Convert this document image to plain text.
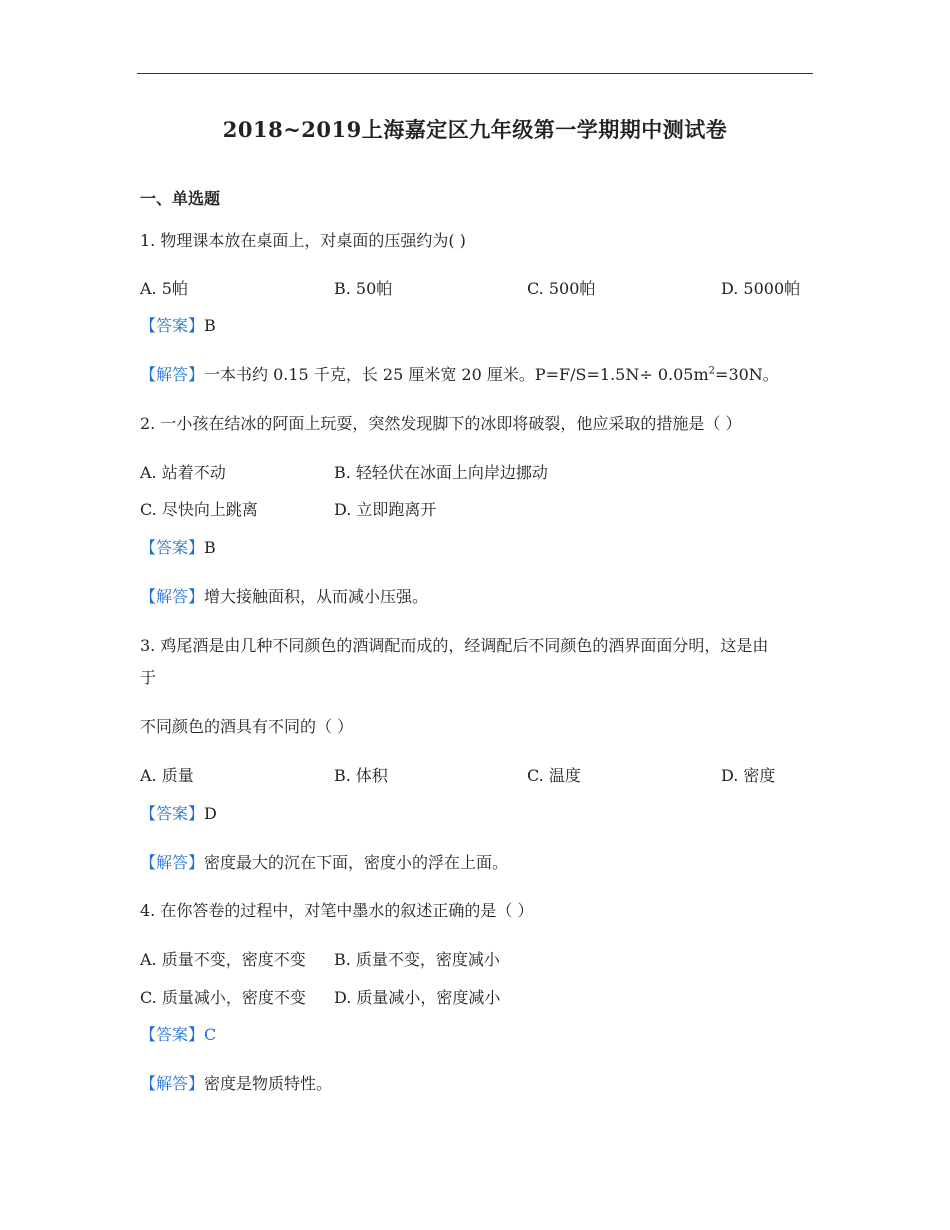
2018~2019上海嘉定区九年级第一学期期中测试卷
一、单选题
1. 物理课本放在桌面上，对桌面的压强约为( )
A. 5帕	B. 50帕	C. 500帕	D. 5000帕
【答案】B
【解答】一本书约 0.15 千克，长 25 厘米宽 20 厘米。$P=F/S=1.5N\div 0.05m^2=30N$。
2. 一小孩在结冰的阿面上玩耍，突然发现脚下的冰即将破裂，他应采取的措施是（ ）
A. 站着不动	B. 轻轻伏在冰面上向岸边挪动
C. 尽快向上跳离	D. 立即跑离开
【答案】B
【解答】增大接触面积，从而减小压强。
3. 鸡尾酒是由几种不同颜色的酒调配而成的，经调配后不同颜色的酒界面面分明，这是由
于
不同颜色的酒具有不同的（ ）
A. 质量	B. 体积	C. 温度	D. 密度
【答案】D
【解答】密度最大的沉在下面，密度小的浮在上面。
4. 在你答卷的过程中，对笔中墨水的叙述正确的是（ ）
A. 质量不变，密度不变 B. 质量不变，密度减小
C. 质量减小，密度不变 D. 质量减小，密度减小
【答案】C
【解答】密度是物质特性。
